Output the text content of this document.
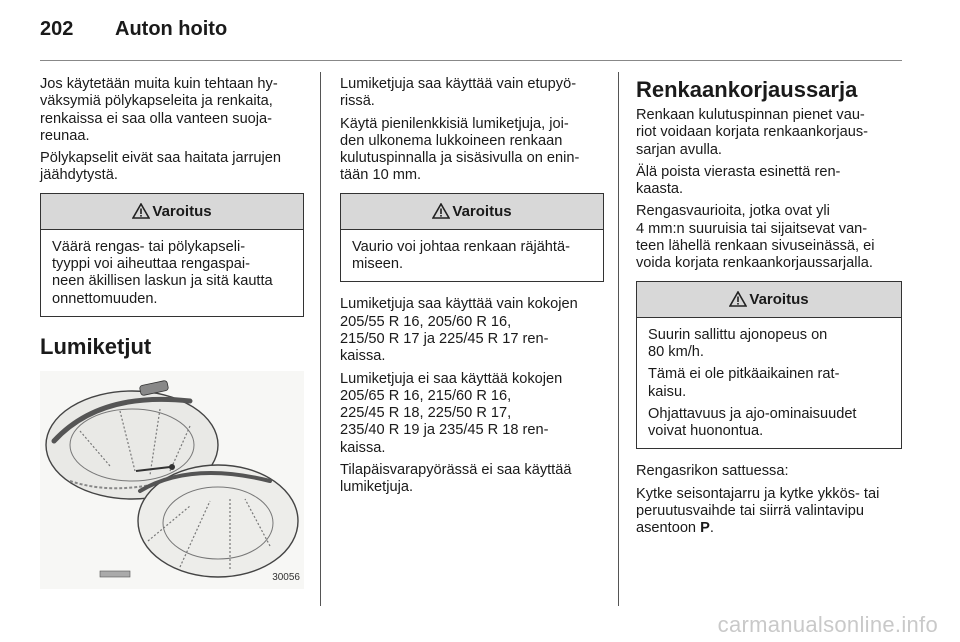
202	Auton hoito
Jos käytetään muita kuin tehtaan hy-
väksymiä pölykapseleita ja renkaita,
renkaissa ei saa olla vanteen suoja-
reunaa.
Pölykapselit eivät saa haitata jarrujen
jäähdytystä.
Varoitus
Väärä rengas- tai pölykapseli-
tyyppi voi aiheuttaa rengaspai-
neen äkillisen laskun ja sitä kautta
onnettomuuden.
Lumiketjut
30056
Lumiketjuja saa käyttää vain etupyö-
rissä.
Käytä pienilenkkisiä lumiketjuja, joi-
den ulkonema lukkoineen renkaan
kulutuspinnalla ja sisäsivulla on enin-
tään 10 mm.
Varoitus
Vaurio voi johtaa renkaan räjähtä-
miseen.
Lumiketjuja saa käyttää vain kokojen
205/55 R 16, 205/60 R 16,
215/50 R 17 ja 225/45 R 17 ren-
kaissa.
Lumiketjuja ei saa käyttää kokojen
205/65 R 16, 215/60 R 16,
225/45 R 18, 225/50 R 17,
235/40 R 19 ja 235/45 R 18 ren-
kaissa.
Tilapäisvarapyörässä ei saa käyttää
lumiketjuja.
Renkaankorjaussarja
Renkaan kulutuspinnan pienet vau-
riot voidaan korjata renkaankorjaus-
sarjan avulla.
Älä poista vierasta esinettä ren-
kaasta.
Rengasvaurioita, jotka ovat yli
4 mm:n suuruisia tai sijaitsevat van-
teen lähellä renkaan sivuseinässä, ei
voida korjata renkaankorjaussarjalla.
Varoitus
Suurin sallittu ajonopeus on
80 km/h.
Tämä ei ole pitkäaikainen rat-
kaisu.
Ohjattavuus ja ajo-ominaisuudet
voivat huonontua.
Rengasrikon sattuessa:
Kytke seisontajarru ja kytke ykkös- tai
peruutusvaihde tai siirrä valintavipu
asentoon P.
carmanualsonline.info
